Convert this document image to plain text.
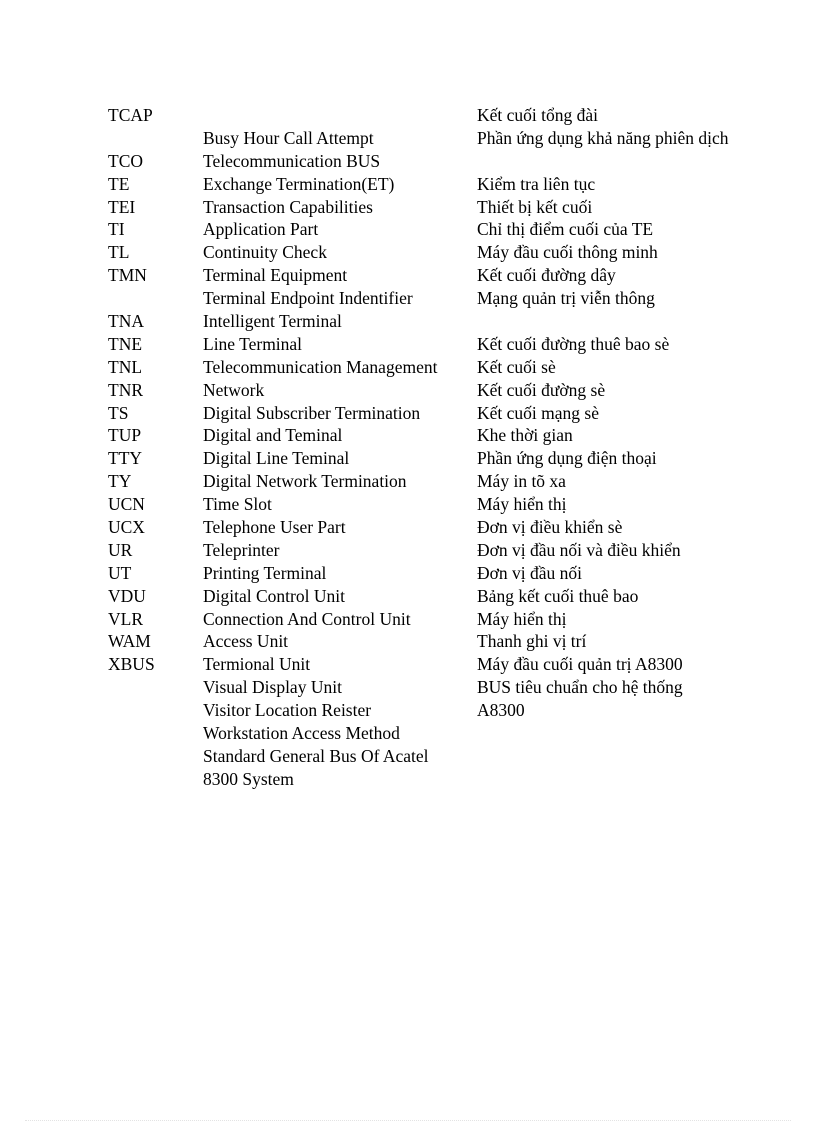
TCAP
TCO
TE
TEI
TI
TL
TMN
TNA
TNE
TNL
TNR
TS
TUP
TTY
TY
UCN
UCX
UR
UT
VDU
VLR
WAM
XBUS
Busy Hour Call Attempt
Telecommunication BUS
Exchange Termination(ET)
Transaction Capabilities
Application Part
Continuity Check
Terminal Equipment
Terminal Endpoint Indentifier
Intelligent Terminal
Line Terminal
Telecommunication Management
Network
Digital Subscriber Termination
Digital and Teminal
Digital Line Teminal
Digital Network Termination
Time Slot
Telephone User Part
Teleprinter
Printing Terminal
Digital Control Unit
Connection And Control Unit
Access Unit
Termional Unit
Visual Display Unit
Visitor Location Reister
Workstation Access Method
Standard General Bus Of Acatel
8300 System
Kết cuối tổng đài
Phần ứng dụng khả năng phiên dịch
Kiểm tra liên tục
Thiết bị kết cuối
Chỉ thị điểm cuối của TE
Máy đầu cuối thông minh
Kết cuối đường dây
Mạng quản trị viễn thông
Kết cuối đường thuê bao sè
Kết cuối sè
Kết cuối đường sè
Kết cuối mạng sè
Khe thời gian
Phần ứng dụng điện thoại
Máy in tõ xa
Máy hiển thị
Đơn vị điều khiển sè
Đơn vị đầu nối và điều khiển
Đơn vị đầu nối
Bảng kết cuối thuê bao
Máy hiển thị
Thanh ghi vị trí
Máy đầu cuối quản trị A8300
BUS tiêu chuẩn cho hệ thống
A8300
